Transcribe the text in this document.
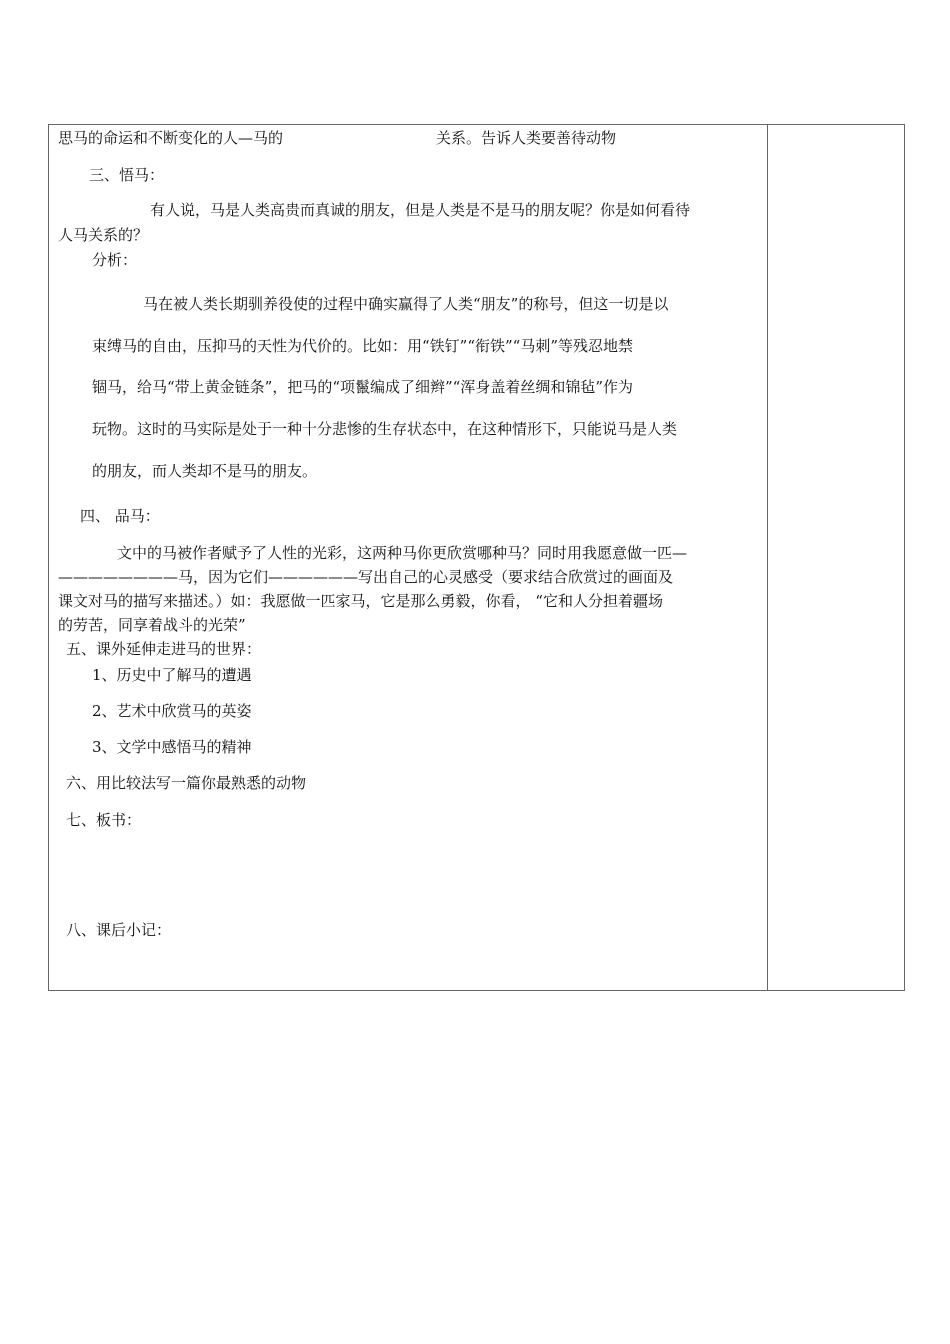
思马的命运和不断变化的人—马的	关系。告诉人类要善待动物
三、悟马：
有人说，马是人类高贵而真诚的朋友，但是人类是不是马的朋友呢？你是如何看待
人马关系的？
分析：
马在被人类长期驯养役使的过程中确实赢得了人类“朋友”的称号，但这一切是以
束缚马的自由，压抑马的天性为代价的。比如：用“铁钉”“衔铁”“马刺”等残忍地禁
锢马，给马“带上黄金链条”，把马的“项鬣编成了细辫”“浑身盖着丝绸和锦毡”作为
玩物。这时的马实际是处于一种十分悲惨的生存状态中，在这种情形下，只能说马是人类
的朋友，而人类却不是马的朋友。
四、 品马：
文中的马被作者赋予了人性的光彩，这两种马你更欣赏哪种马？同时用我愿意做一匹—
————————马，因为它们——————写出自己的心灵感受（要求结合欣赏过的画面及
课文对马的描写来描述。）如：我愿做一匹家马，它是那么勇毅，你看， “它和人分担着疆场
的劳苦，同享着战斗的光荣”
五、课外延伸走进马的世界：
1、历史中了解马的遭遇
2、艺术中欣赏马的英姿
3、文学中感悟马的精神
六、用比较法写一篇你最熟悉的动物
七、板书：
八、课后小记：
